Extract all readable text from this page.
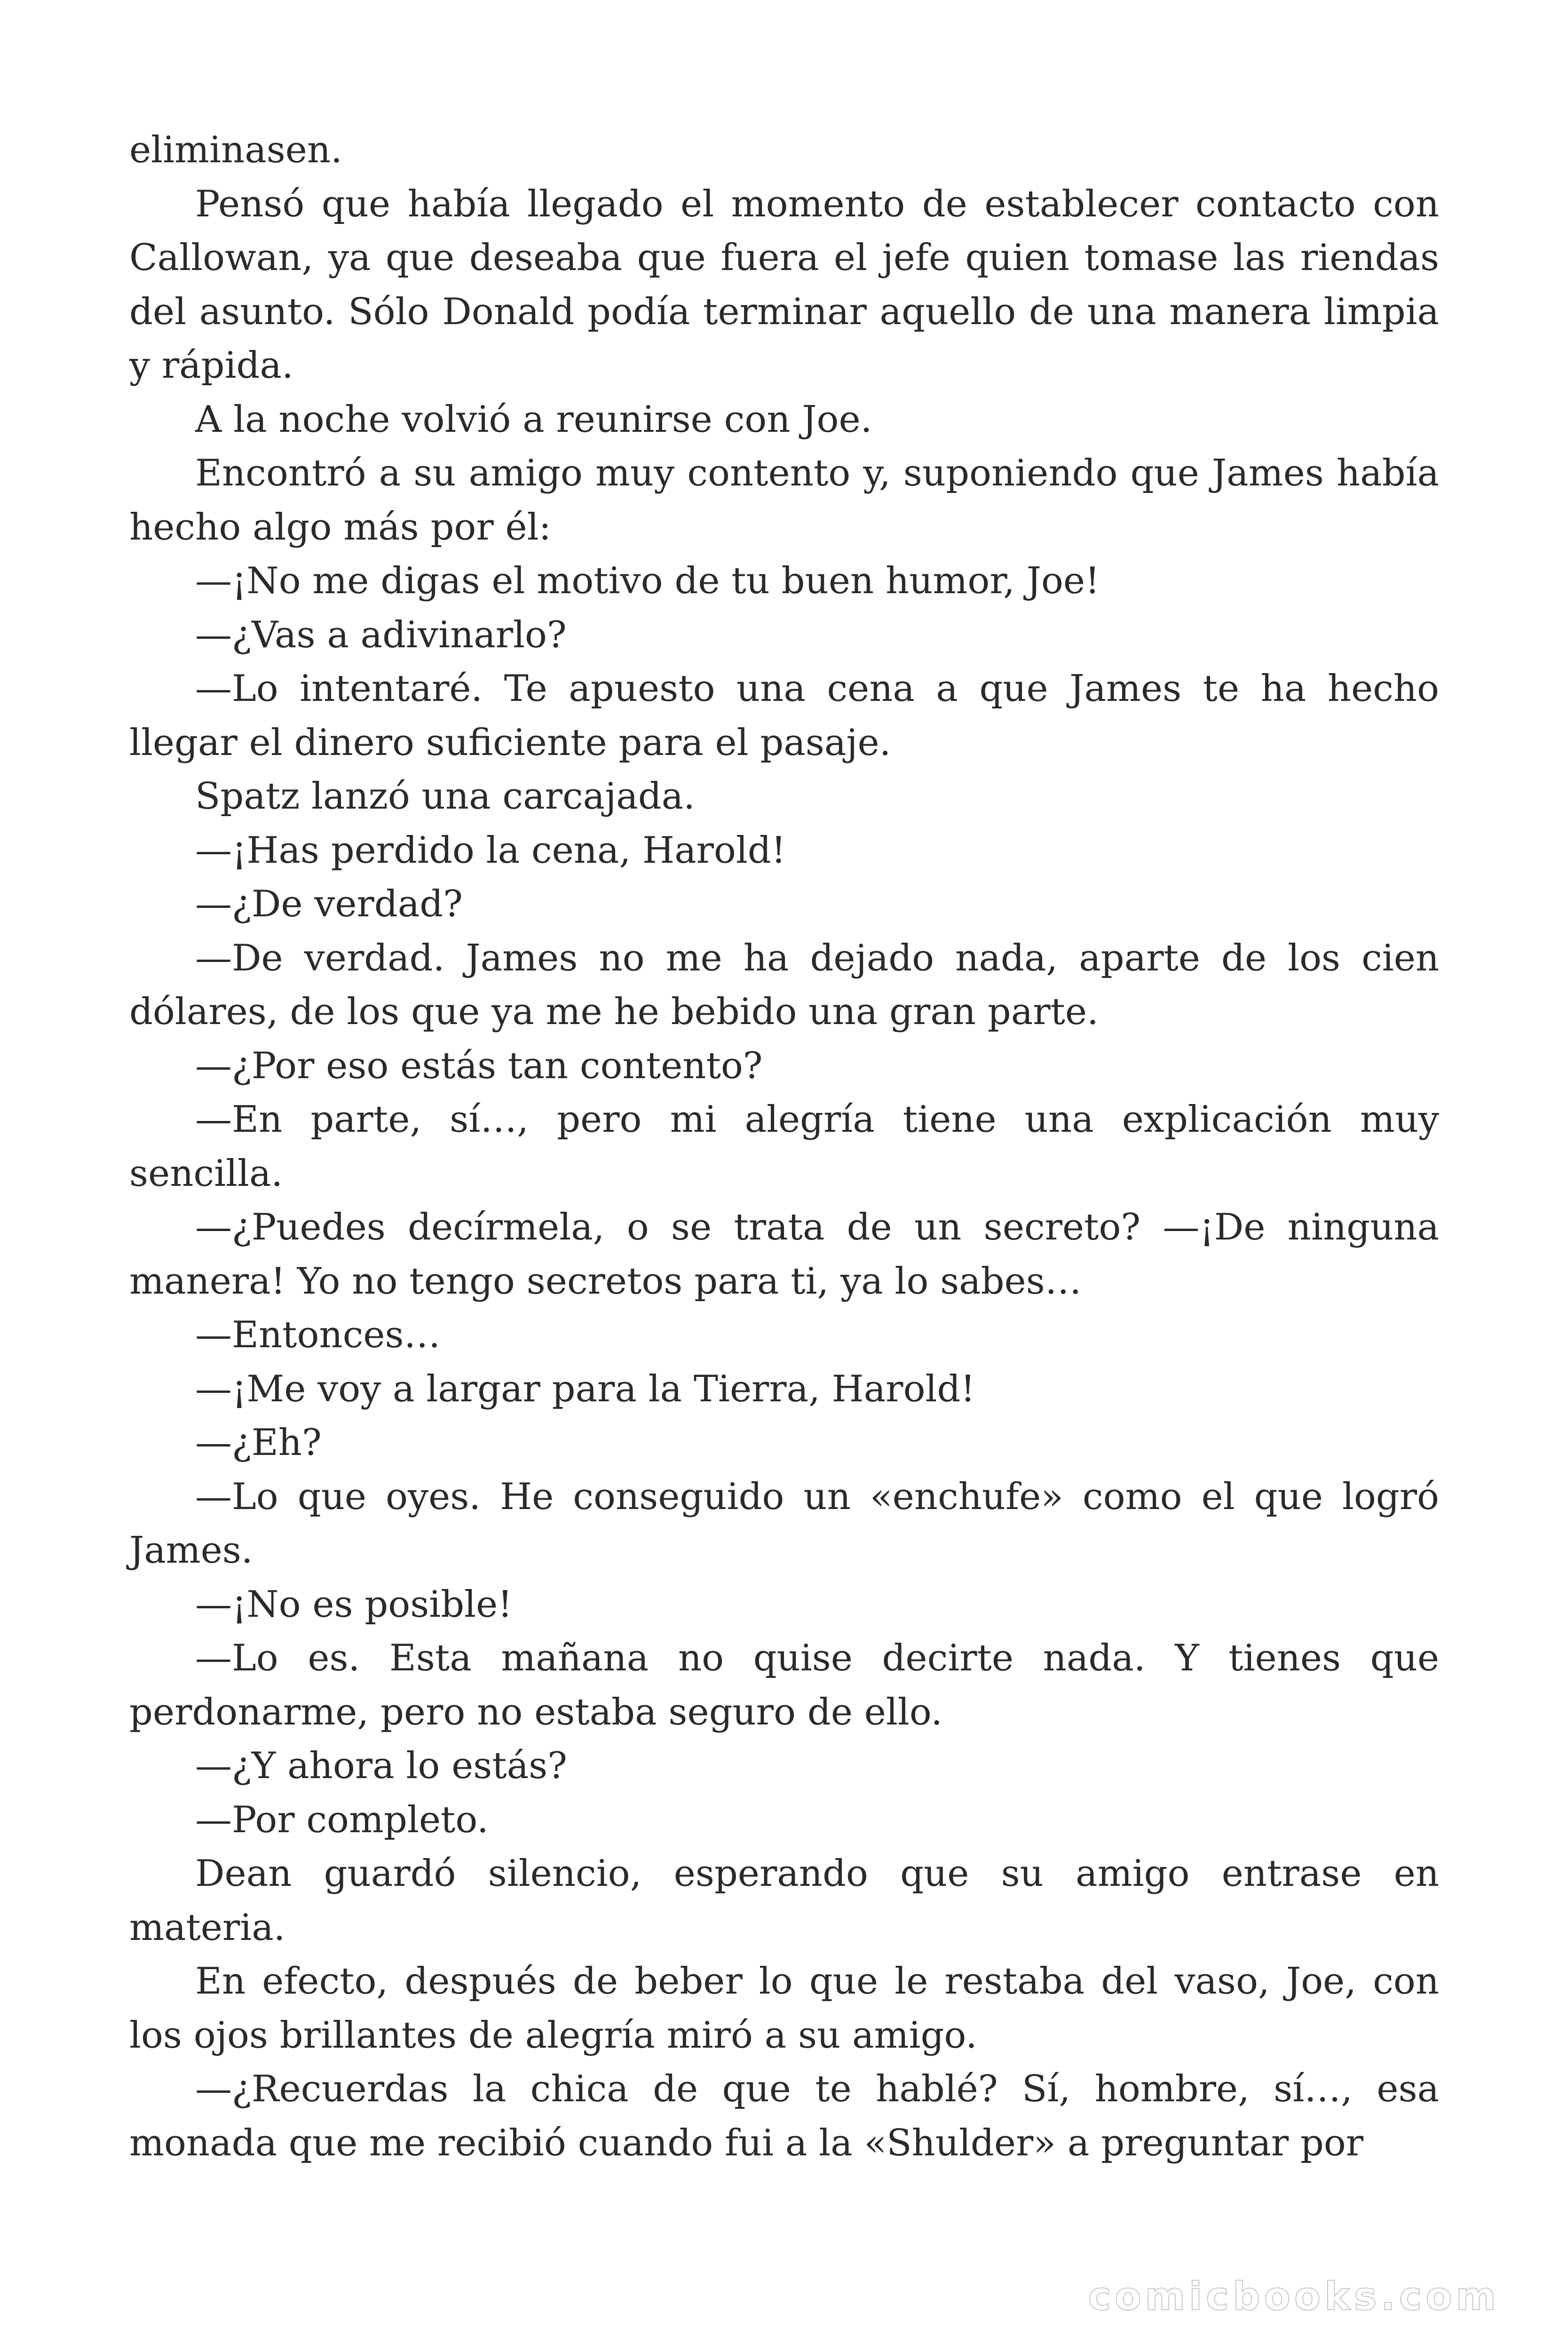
eliminasen.

Pensó que había llegado el momento de establecer contacto con Callowan, ya que deseaba que fuera el jefe quien tomase las riendas del asunto. Sólo Donald podía terminar aquello de una manera limpia y rápida.

A la noche volvió a reunirse con Joe.

Encontró a su amigo muy contento y, suponiendo que James había hecho algo más por él:

—¡No me digas el motivo de tu buen humor, Joe!

—¿Vas a adivinarlo?

—Lo intentaré. Te apuesto una cena a que James te ha hecho llegar el dinero suficiente para el pasaje.

Spatz lanzó una carcajada.

—¡Has perdido la cena, Harold!

—¿De verdad?

—De verdad. James no me ha dejado nada, aparte de los cien dólares, de los que ya me he bebido una gran parte.

—¿Por eso estás tan contento?

—En parte, sí…, pero mi alegría tiene una explicación muy sencilla.

—¿Puedes decírmela, o se trata de un secreto? —¡De ninguna manera! Yo no tengo secretos para ti, ya lo sabes…

—Entonces…

—¡Me voy a largar para la Tierra, Harold!

—¿Eh?

—Lo que oyes. He conseguido un «enchufe» como el que logró James.

—¡No es posible!

—Lo es. Esta mañana no quise decirte nada. Y tienes que perdonarme, pero no estaba seguro de ello.

—¿Y ahora lo estás?

—Por completo.

Dean guardó silencio, esperando que su amigo entrase en materia.

En efecto, después de beber lo que le restaba del vaso, Joe, con los ojos brillantes de alegría miró a su amigo.

—¿Recuerdas la chica de que te hablé? Sí, hombre, sí…, esa monada que me recibió cuando fui a la «Shulder» a preguntar por

comicbooks.com
